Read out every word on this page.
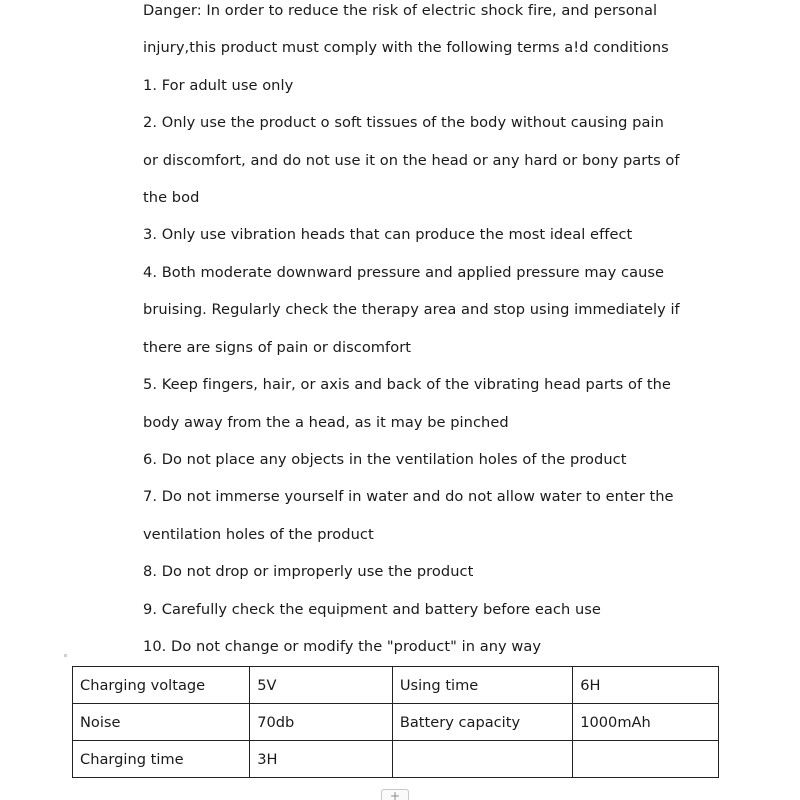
Danger: In order to reduce the risk of electric shock fire, and personal
injury,this product must comply with the following terms a!d conditions
1. For adult use only
2. Only use the product o soft tissues of the body without causing pain
or discomfort, and do not use it on the head or any hard or bony parts of
the bod
3. Only use vibration heads that can produce the most ideal effect
4. Both moderate downward pressure and applied pressure may cause
bruising. Regularly check the therapy area and stop using immediately if
there are signs of pain or discomfort
5. Keep fingers, hair, or axis and back of the vibrating head parts of the
body away from the a head, as it may be pinched
6. Do not place any objects in the ventilation holes of the product
7. Do not immerse yourself in water and do not allow water to enter the
ventilation holes of the product
8. Do not drop or improperly use the product
9. Carefully check the equipment and battery before each use
10. Do not change or modify the "product" in any way
Charging voltage	5V	Using time	6H
Noise	70db	Battery capacity	1000mAh
Charging time	3H		
+
